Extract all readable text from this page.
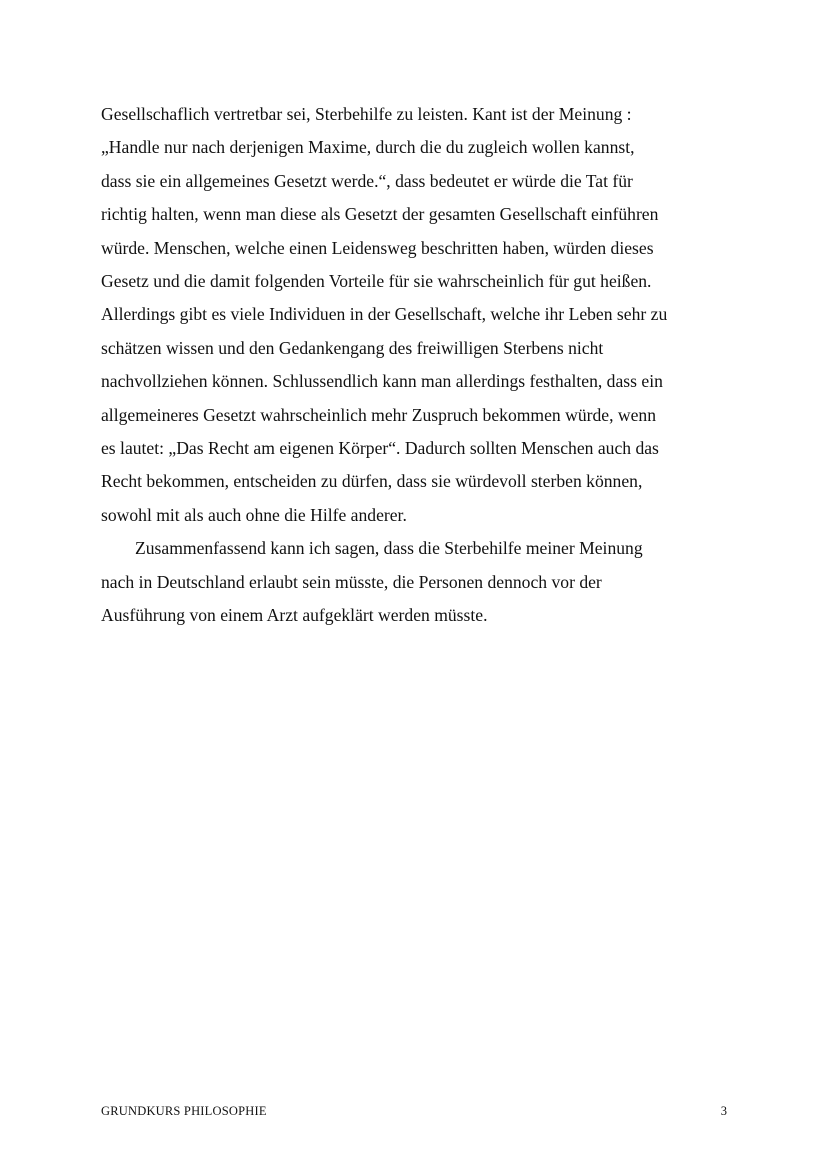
Gesellschaflich vertretbar sei, Sterbehilfe zu leisten. Kant ist der Meinung :
„Handle nur nach derjenigen Maxime, durch die du zugleich wollen kannst,
dass sie ein allgemeines Gesetzt werde.“, dass bedeutet er würde die Tat für
richtig halten, wenn man diese als Gesetzt der gesamten Gesellschaft einführen
würde. Menschen, welche einen Leidensweg beschritten haben, würden dieses
Gesetz und die damit folgenden Vorteile für sie wahrscheinlich für gut heißen.
Allerdings gibt es viele Individuen in der Gesellschaft, welche ihr Leben sehr zu
schätzen wissen und den Gedankengang des freiwilligen Sterbens nicht
nachvollziehen können. Schlussendlich kann man allerdings festhalten, dass ein
allgemeineres Gesetzt wahrscheinlich mehr Zuspruch bekommen würde, wenn
es lautet: „Das Recht am eigenen Körper“. Dadurch sollten Menschen auch das
Recht bekommen, entscheiden zu dürfen, dass sie würdevoll sterben können,
sowohl mit als auch ohne die Hilfe anderer.

Zusammenfassend kann ich sagen, dass die Sterbehilfe meiner Meinung
nach in Deutschland erlaubt sein müsste, die Personen dennoch vor der
Ausführung von einem Arzt aufgeklärt werden müsste.

GRUNDKURS PHILOSOPHIE	3
